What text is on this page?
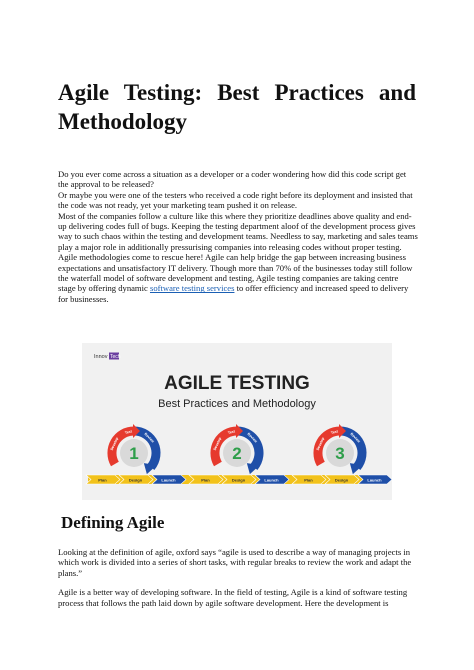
Agile Testing: Best Practices and
Methodology

Do you ever come across a situation as a developer or a coder wondering how did this code script get the approval to be released?

Or maybe you were one of the testers who received a code right before its deployment and insisted that the code was not ready, yet your marketing team pushed it on release.

Most of the companies follow a culture like this where they prioritize deadlines above quality and end-up delivering codes full of bugs. Keeping the testing department aloof of the development process gives way to such chaos within the testing and development teams. Needless to say, marketing and sales teams play a major role in additionally pressurising companies into releasing codes without proper testing.

Agile methodologies come to rescue here! Agile can help bridge the gap between increasing business expectations and unsatisfactory IT delivery. Though more than 70% of the businesses today still follow the waterfall model of software development and testing, Agile testing companies are taking centre stage by offering dynamic software testing services to offer efficiency and increased speed to delivery for businesses.

Innov Tech
AGILE TESTING
Best Practices and Methodology
1
Develop
Test	Review
Plan	Design	Launch
2
Develop
Test	Review
Plan	Design	Launch
3
Develop
Test	Review
Plan	Design	Launch
Defining Agile

Looking at the definition of agile, oxford says “agile is used to describe a way of managing projects in which work is divided into a series of short tasks, with regular breaks to review the work and adapt the plans.”

Agile is a better way of developing software. In the field of testing, Agile is a kind of software testing process that follows the path laid down by agile software development. Here the development is
